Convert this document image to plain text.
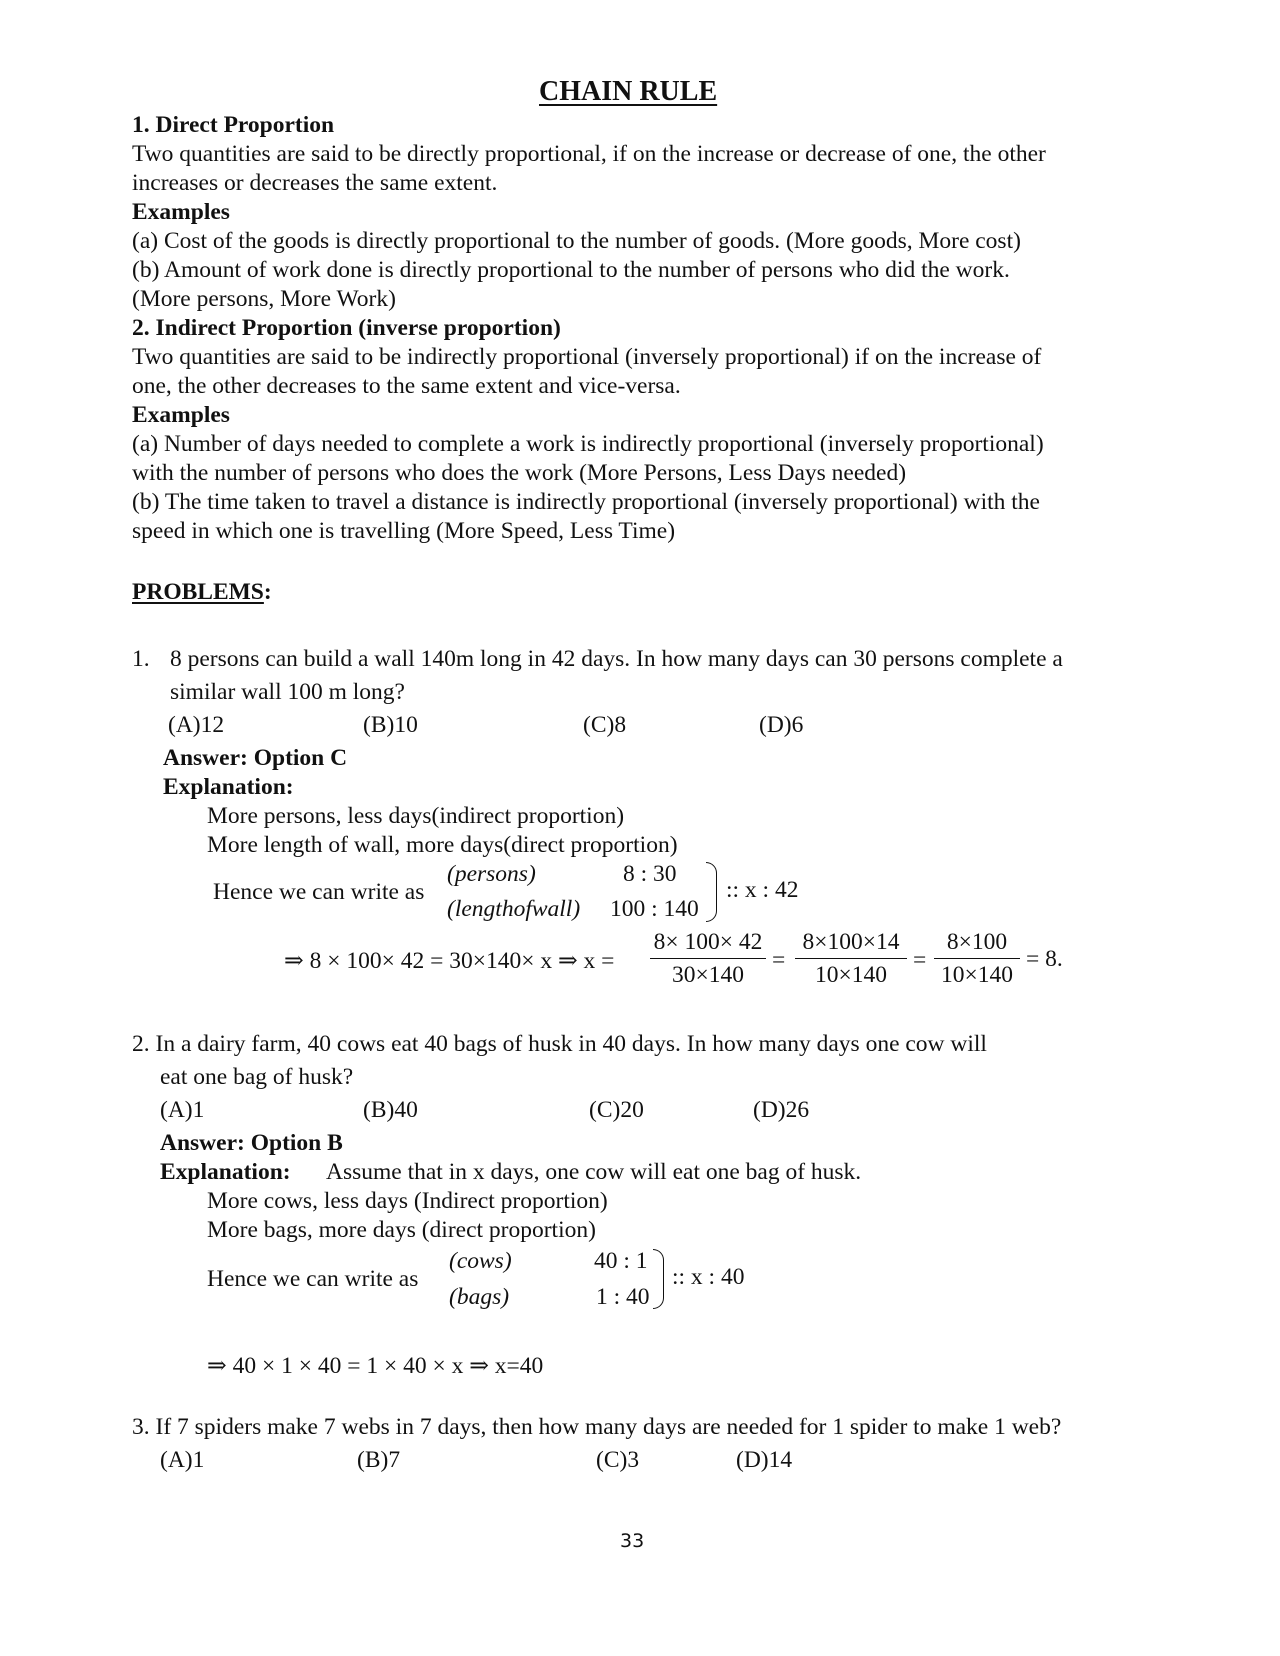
CHAIN RULE
1. Direct Proportion
Two quantities are said to be directly proportional, if on the increase or decrease of one, the other
increases or decreases the same extent.
Examples
(a) Cost of the goods is directly proportional to the number of goods. (More goods, More cost)
(b) Amount of work done is directly proportional to the number of persons who did the work.
(More persons, More Work)
2. Indirect Proportion (inverse proportion)
Two quantities are said to be indirectly proportional (inversely proportional) if on the increase of
one, the other decreases to the same extent and vice-versa.
Examples
(a) Number of days needed to complete a work is indirectly proportional (inversely proportional)
with the number of persons who does the work (More Persons, Less Days needed)
(b) The time taken to travel a distance is indirectly proportional (inversely proportional) with the
speed in which one is travelling (More Speed, Less Time)
PROBLEMS:
1. 8 persons can build a wall 140m long in 42 days. In how many days can 30 persons complete a
similar wall 100 m long?
(A)12	(B)10	(C)8	(D)6
Answer: Option C
Explanation:
More persons, less days(indirect proportion)
More length of wall, more days(direct proportion)
Hence we can write as
(persons)	8 : 30
(lengthofwall) 100 : 140
:: x : 42
⇒ 8 × 100× 42 = 30×140× x ⇒ x =
8× 100× 42
30×140
=
8×100×14
10×140
=
8×100
10×140
= 8.
2. In a dairy farm, 40 cows eat 40 bags of husk in 40 days. In how many days one cow will
eat one bag of husk?
(A)1	(B)40	(C)20	(D)26
Answer: Option B
Explanation: Assume that in x days, one cow will eat one bag of husk.
More cows, less days (Indirect proportion)
More bags, more days (direct proportion)
Hence we can write as
(cows)	40 : 1
(bags)	1 : 40
:: x : 40
⇒ 40 × 1 × 40 = 1 × 40 × x ⇒ x=40
3. If 7 spiders make 7 webs in 7 days, then how many days are needed for 1 spider to make 1 web?
(A)1	(B)7	(C)3	(D)14
33
